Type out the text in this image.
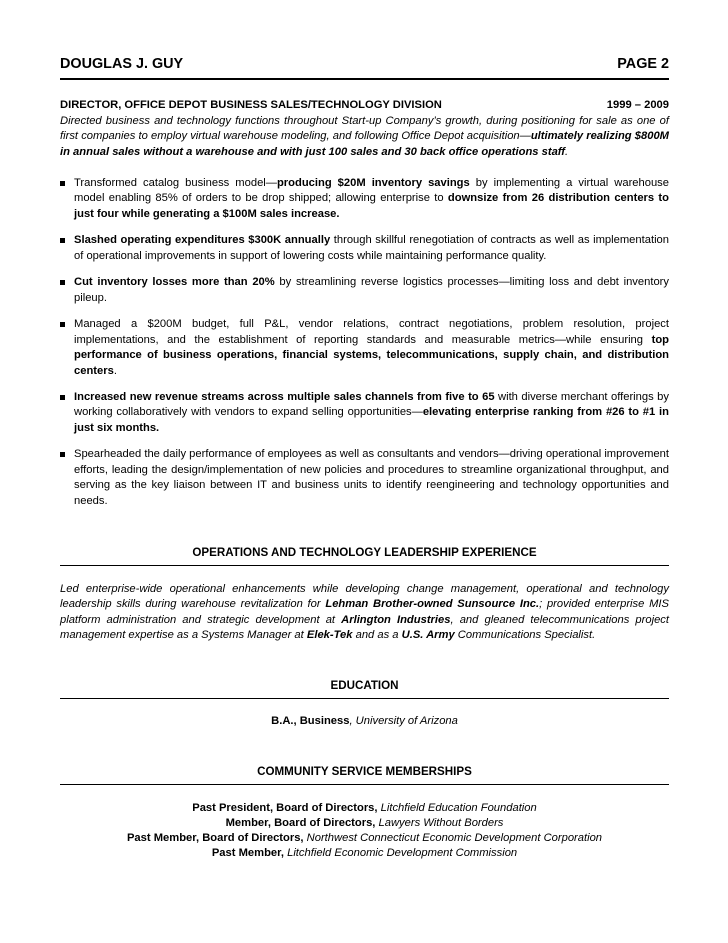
DOUGLAS J. GUY	PAGE 2
DIRECTOR, OFFICE DEPOT BUSINESS SALES/TECHNOLOGY DIVISION	1999 – 2009
Directed business and technology functions throughout Start-up Company’s growth, during positioning for sale as one of first companies to employ virtual warehouse modeling, and following Office Depot acquisition—ultimately realizing $800M in annual sales without a warehouse and with just 100 sales and 30 back office operations staff.
Transformed catalog business model—producing $20M inventory savings by implementing a virtual warehouse model enabling 85% of orders to be drop shipped; allowing enterprise to downsize from 26 distribution centers to just four while generating a $100M sales increase.
Slashed operating expenditures $300K annually through skillful renegotiation of contracts as well as implementation of operational improvements in support of lowering costs while maintaining performance quality.
Cut inventory losses more than 20% by streamlining reverse logistics processes—limiting loss and debt inventory pileup.
Managed a $200M budget, full P&L, vendor relations, contract negotiations, problem resolution, project implementations, and the establishment of reporting standards and measurable metrics—while ensuring top performance of business operations, financial systems, telecommunications, supply chain, and distribution centers.
Increased new revenue streams across multiple sales channels from five to 65 with diverse merchant offerings by working collaboratively with vendors to expand selling opportunities—elevating enterprise ranking from #26 to #1 in just six months.
Spearheaded the daily performance of employees as well as consultants and vendors—driving operational improvement efforts, leading the design/implementation of new policies and procedures to streamline organizational throughput, and serving as the key liaison between IT and business units to identify reengineering and technology opportunities and needs.
OPERATIONS AND TECHNOLOGY LEADERSHIP EXPERIENCE
Led enterprise-wide operational enhancements while developing change management, operational and technology leadership skills during warehouse revitalization for Lehman Brother-owned Sunsource Inc.; provided enterprise MIS platform administration and strategic development at Arlington Industries, and gleaned telecommunications project management expertise as a Systems Manager at Elek-Tek and as a U.S. Army Communications Specialist.
EDUCATION
B.A., Business, University of Arizona
COMMUNITY SERVICE MEMBERSHIPS
Past President, Board of Directors, Litchfield Education Foundation
Member, Board of Directors, Lawyers Without Borders
Past Member, Board of Directors, Northwest Connecticut Economic Development Corporation
Past Member, Litchfield Economic Development Commission
